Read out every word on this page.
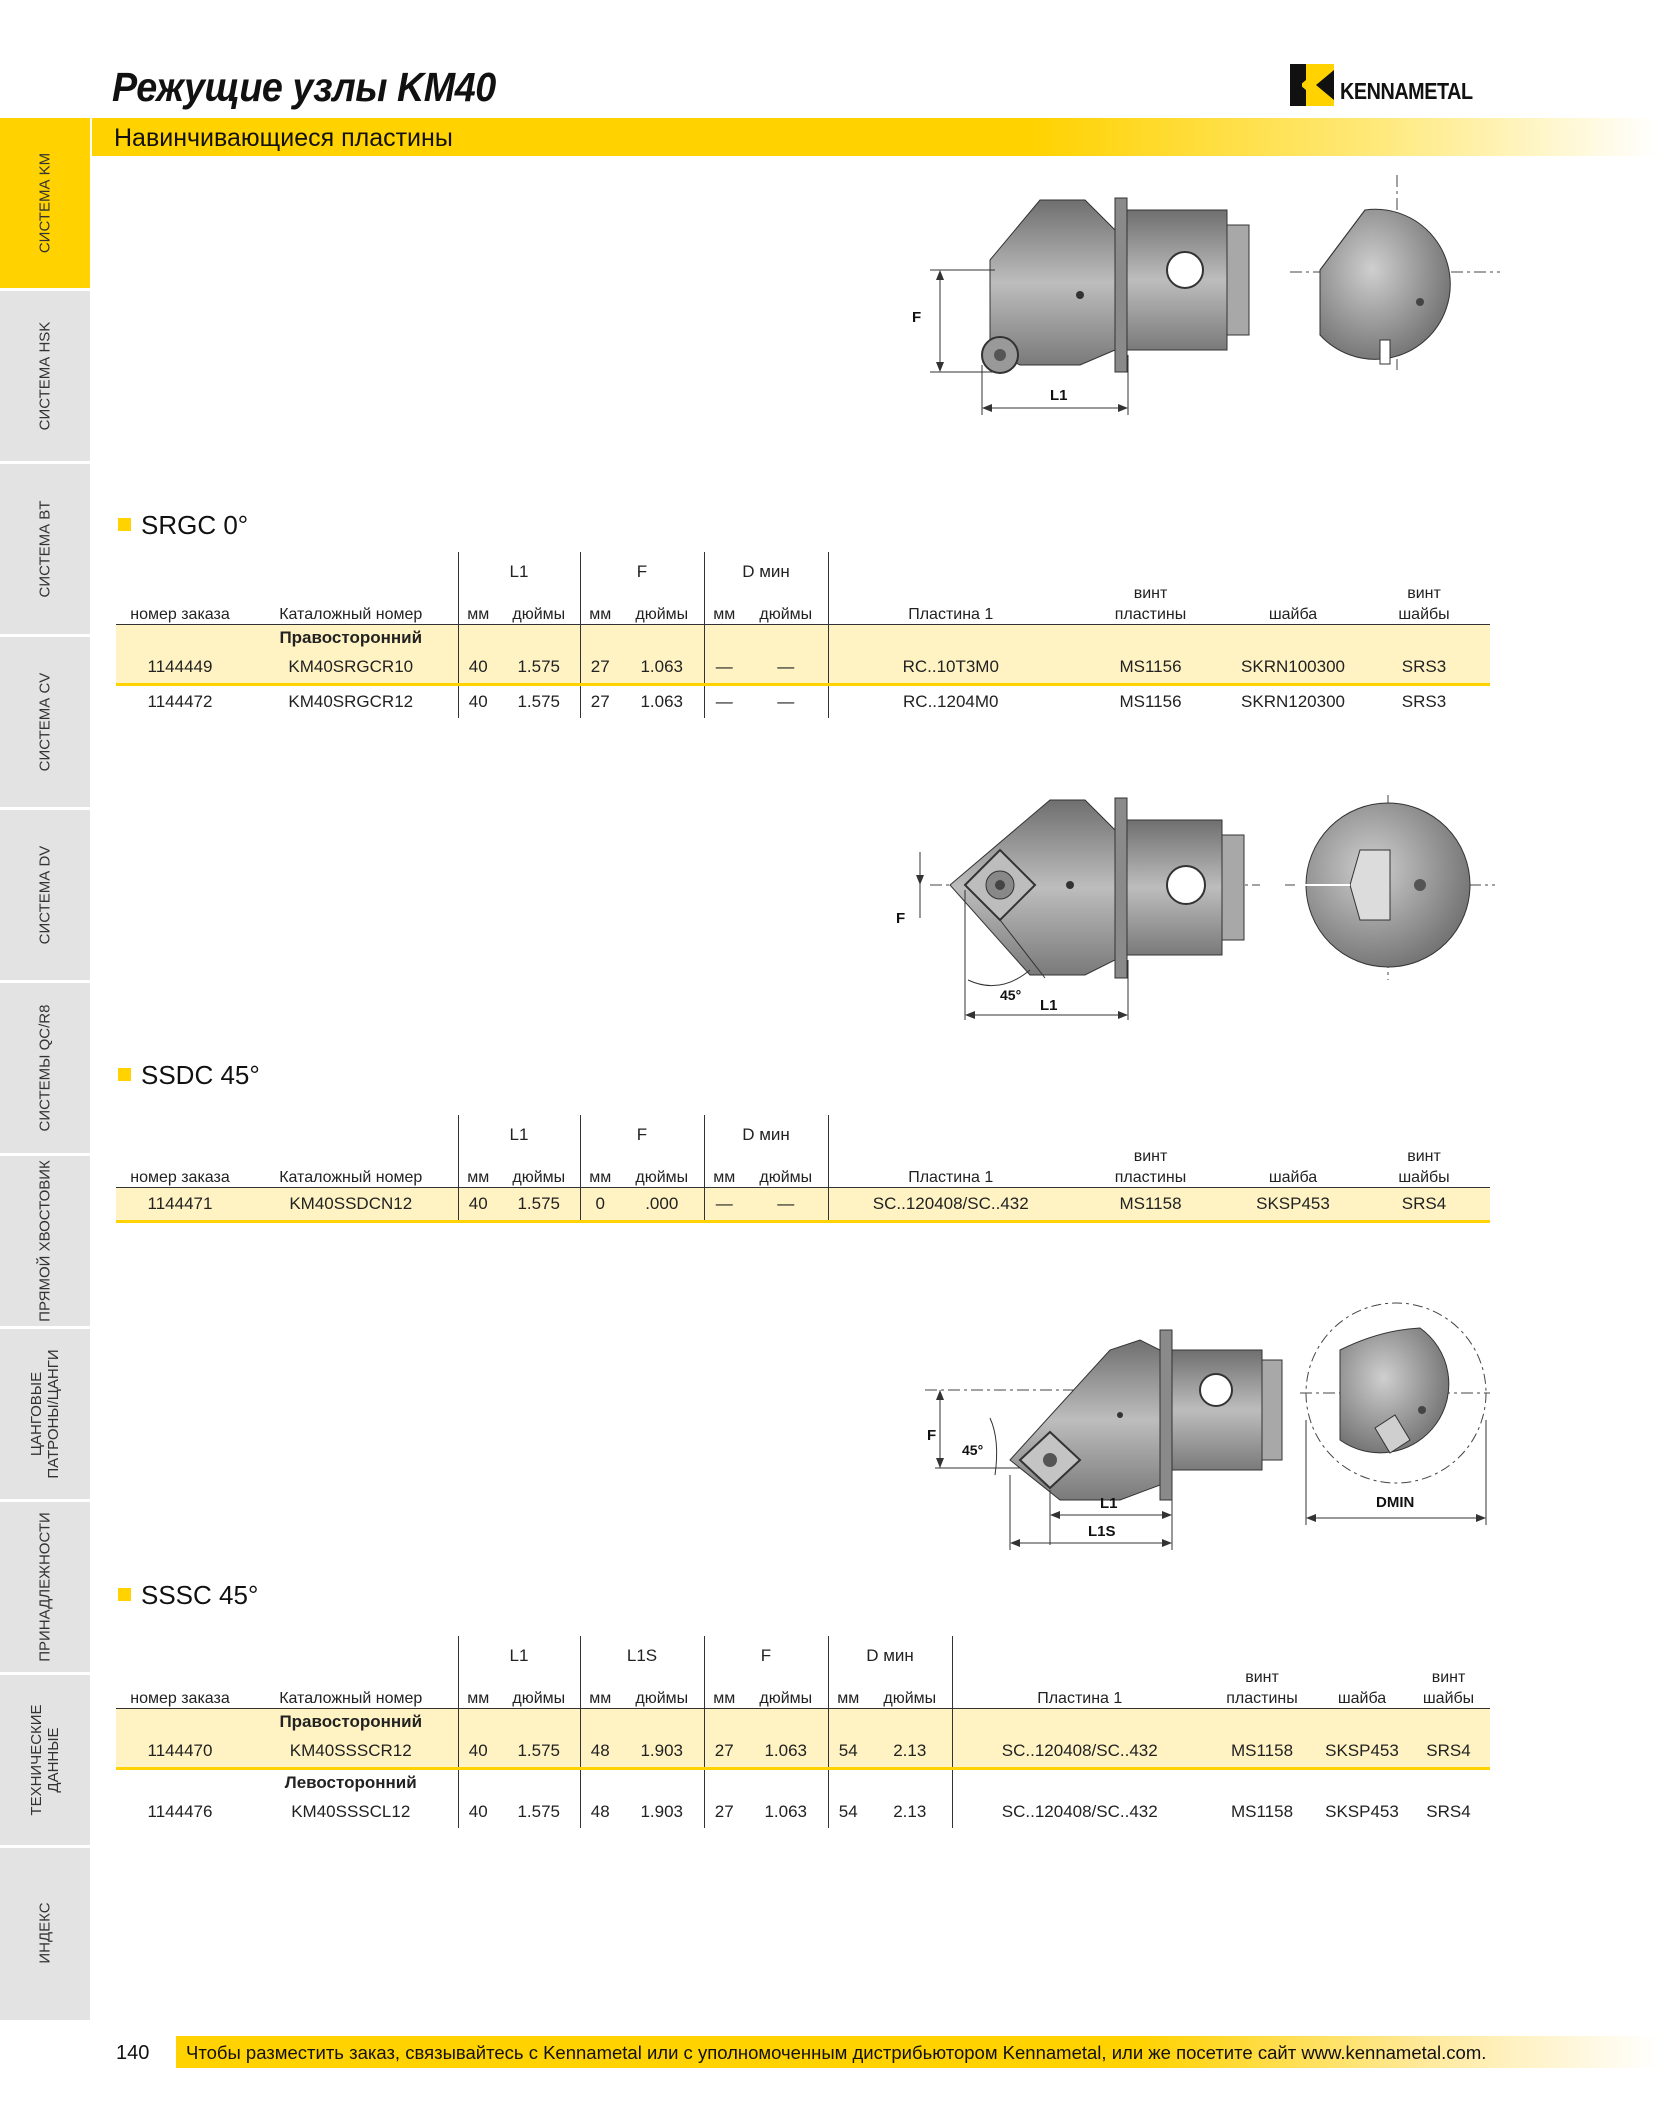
Режущие узлы KM40	KENNAMETAL
Навинчивающиеся пластины
СИСТЕМА KM
СИСТЕМА HSK
СИСТЕМА BT
СИСТЕМА CV
СИСТЕМА DV
СИСТЕМЫ QC/R8
ПРЯМОЙ ХВОСТОВИК
ЦАНГОВЫЕ ПАТРОНЫ/ЦАНГИ
ПРИНАДЛЕЖНОСТИ
ТЕХНИЧЕСКИЕ ДАННЫЕ
ИНДЕКС
F
L1
SRGC 0°
		L1		F		D мин					
									винт		винт
номер заказа	Каталожный номер	мм	дюймы	мм	дюймы	мм	дюймы	Пластина 1	пластины	шайба	шайбы
	Правосторонний										
1144449	KM40SRGCR10	40	1.575	27	1.063	—	—	RC..10T3M0	MS1156	SKRN100300	SRS3
1144472	KM40SRGCR12	40	1.575	27	1.063	—	—	RC..1204M0	MS1156	SKRN120300	SRS3
F
45°
L1
SSDC 45°
		L1		F		D мин					
									винт		винт
номер заказа	Каталожный номер	мм	дюймы	мм	дюймы	мм	дюймы	Пластина 1	пластины	шайба	шайбы
1144471	KM40SSDCN12	40	1.575	0	.000	—	—	SC..120408/SC..432	MS1158	SKSP453	SRS4
F
45°
L1
L1S
DMIN
SSSC 45°
		L1		L1S		F		D мин					
											винт		винт
номер заказа	Каталожный номер	мм	дюймы	мм	дюймы	мм	дюймы	мм	дюймы	Пластина 1	пластины	шайба	шайбы
	Правосторонний												
1144470	KM40SSSCR12	40	1.575	48	1.903	27	1.063	54	2.13	SC..120408/SC..432	MS1158	SKSP453	SRS4
	Левосторонний												
1144476	KM40SSSCL12	40	1.575	48	1.903	27	1.063	54	2.13	SC..120408/SC..432	MS1158	SKSP453	SRS4
140 Чтобы разместить заказ, связывайтесь с Kennametal или с уполномоченным дистрибьютором Kennametal, или же посетите сайт www.kennametal.com.
